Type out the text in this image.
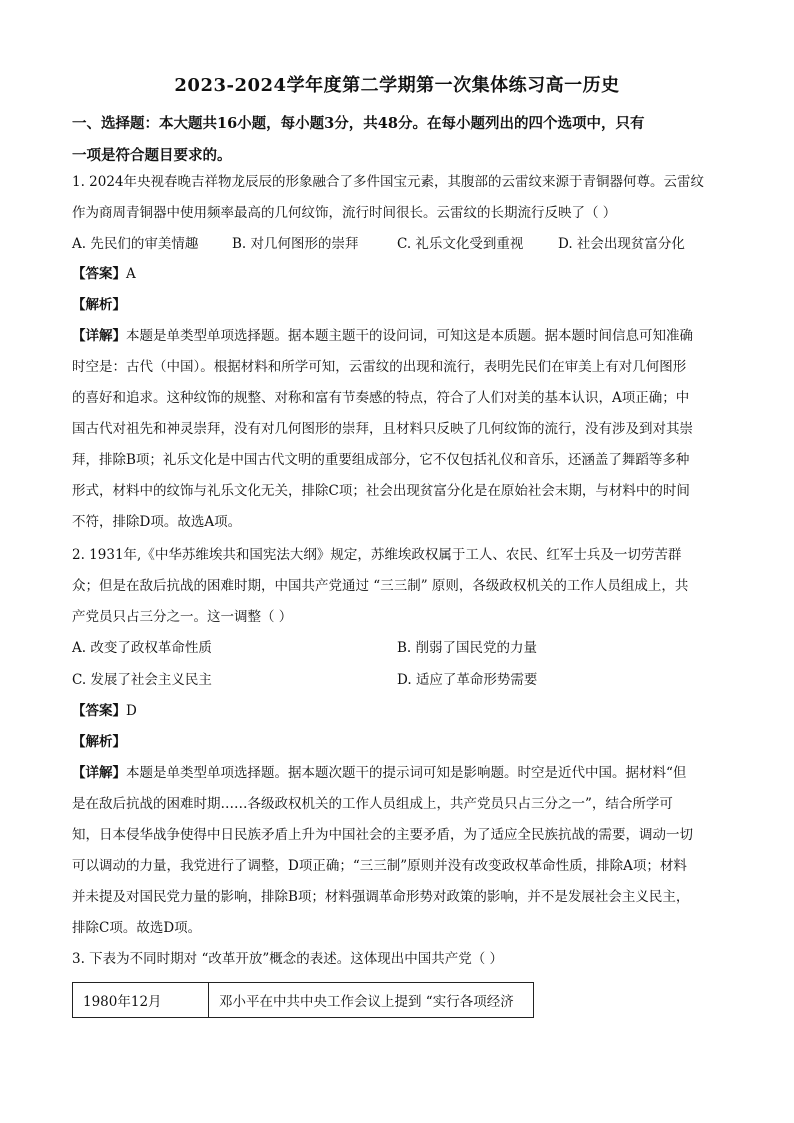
2023-2024学年度第二学期第一次集体练习高一历史
一、选择题：本大题共16小题，每小题3分，共48分。在每小题列出的四个选项中，只有
一项是符合题目要求的。
1. 2024年央视春晚吉祥物龙辰辰的形象融合了多件国宝元素，其腹部的云雷纹来源于青铜器何尊。云雷纹
作为商周青铜器中使用频率最高的几何纹饰，流行时间很长。云雷纹的长期流行反映了（ ）
A. 先民们的审美情趣 B. 对几何图形的崇拜	C. 礼乐文化受到重视	D. 社会出现贫富分化
【答案】A
【解析】
【详解】本题是单类型单项选择题。据本题主题干的设问词，可知这是本质题。据本题时间信息可知准确
时空是：古代（中国）。根据材料和所学可知，云雷纹的出现和流行，表明先民们在审美上有对几何图形
的喜好和追求。这种纹饰的规整、对称和富有节奏感的特点，符合了人们对美的基本认识，A项正确；中
国古代对祖先和神灵崇拜，没有对几何图形的崇拜，且材料只反映了几何纹饰的流行，没有涉及到对其崇
拜，排除B项；礼乐文化是中国古代文明的重要组成部分，它不仅包括礼仪和音乐，还涵盖了舞蹈等多种
形式，材料中的纹饰与礼乐文化无关，排除C项；社会出现贫富分化是在原始社会末期，与材料中的时间
不符，排除D项。故选A项。
2. 1931年,《中华苏维埃共和国宪法大纲》规定，苏维埃政权属于工人、农民、红军士兵及一切劳苦群
众；但是在敌后抗战的困难时期，中国共产党通过 “三三制” 原则，各级政权机关的工作人员组成上，共
产党员只占三分之一。这一调整（ ）
A. 改变了政权革命性质	B. 削弱了国民党的力量
C. 发展了社会主义民主	D. 适应了革命形势需要
【答案】D
【解析】
【详解】本题是单类型单项选择题。据本题次题干的提示词可知是影响题。时空是近代中国。据材料“但
是在敌后抗战的困难时期……各级政权机关的工作人员组成上，共产党员只占三分之一”，结合所学可
知，日本侵华战争使得中日民族矛盾上升为中国社会的主要矛盾，为了适应全民族抗战的需要，调动一切
可以调动的力量，我党进行了调整，D项正确；“三三制”原则并没有改变政权革命性质，排除A项；材料
并未提及对国民党力量的影响，排除B项；材料强调革命形势对政策的影响，并不是发展社会主义民主，
排除C项。故选D项。
3. 下表为不同时期对 “改革开放”概念的表述。这体现出中国共产党（ ）
1980年12月	邓小平在中共中央工作会议上提到 “实行各项经济
